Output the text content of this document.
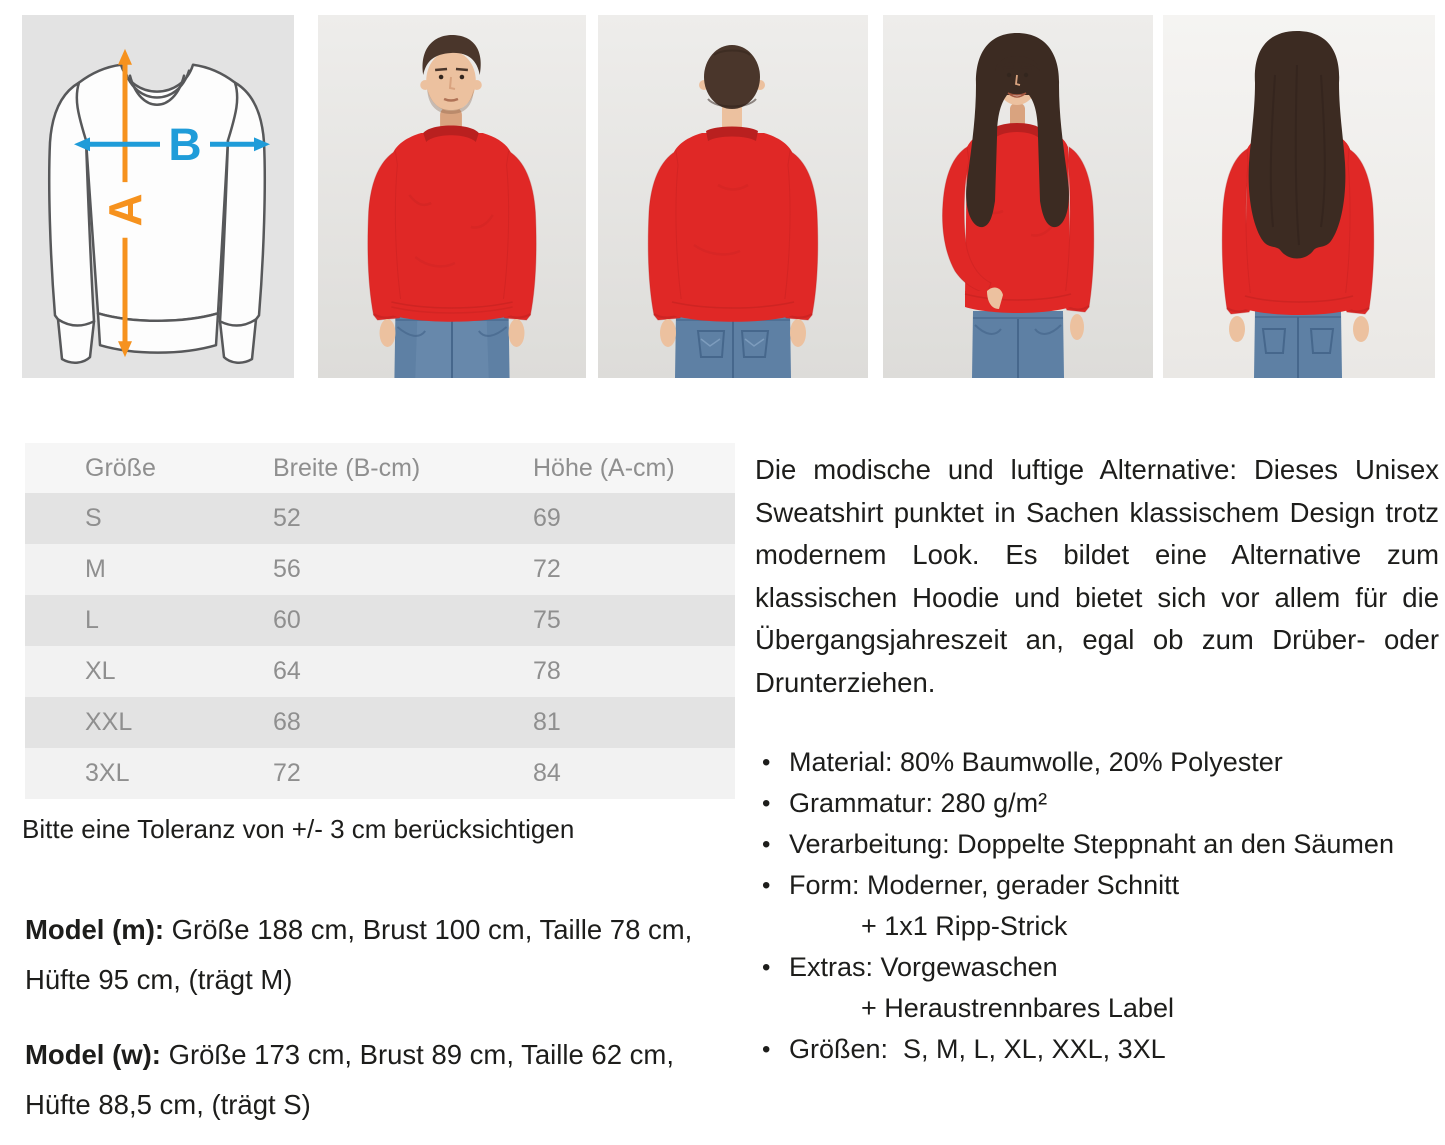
A
B
Größe	Breite (B-cm)	Höhe (A-cm)
S	52	69
M	56	72
L	60	75
XL	64	78
XXL	68	81
3XL	72	84

Bitte eine Toleranz von +/- 3 cm berücksichtigen

Model (m): Größe 188 cm, Brust 100 cm, Taille 78 cm, Hüfte 95 cm, (trägt M)

Model (w): Größe 173 cm, Brust 89 cm, Taille 62 cm, Hüfte 88,5 cm, (trägt S)

Die modische und luftige Alternative: Dieses Unisex Sweatshirt punktet in Sachen klassischem Design trotz modernem Look. Es bildet eine Alternative zum klassischen Hoodie und bietet sich vor allem für die Übergangsjahreszeit an, egal ob zum Drüber- oder Drunterziehen.

• Material: 80% Baumwolle, 20% Polyester
• Grammatur: 280 g/m²
• Verarbeitung: Doppelte Steppnaht an den Säumen
• Form: Moderner, gerader Schnitt
+ 1x1 Ripp-Strick
• Extras: Vorgewaschen
+ Heraustrennbares Label
• Größen:  S, M, L, XL, XXL, 3XL
